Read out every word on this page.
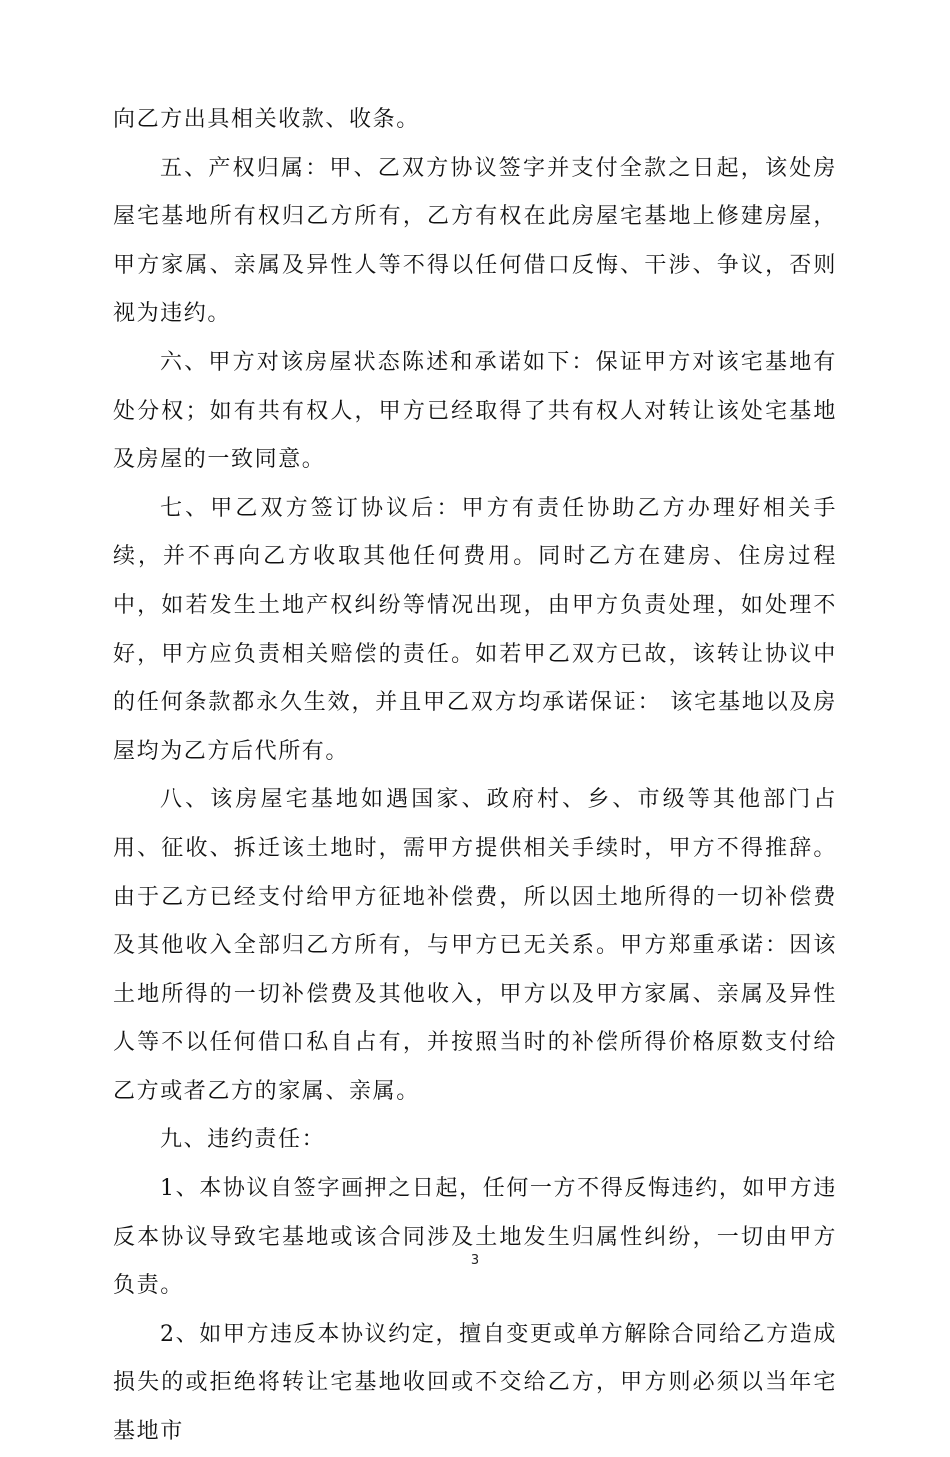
向乙方出具相关收款、收条。

五、产权归属：甲、乙双方协议签字并支付全款之日起，该处房屋宅基地所有权归乙方所有，乙方有权在此房屋宅基地上修建房屋，甲方家属、亲属及异性人等不得以任何借口反悔、干涉、争议，否则视为违约。

六、甲方对该房屋状态陈述和承诺如下：保证甲方对该宅基地有处分权；如有共有权人，甲方已经取得了共有权人对转让该处宅基地及房屋的一致同意。

七、甲乙双方签订协议后：甲方有责任协助乙方办理好相关手续，并不再向乙方收取其他任何费用。同时乙方在建房、住房过程中，如若发生土地产权纠纷等情况出现，由甲方负责处理，如处理不好，甲方应负责相关赔偿的责任。如若甲乙双方已故，该转让协议中的任何条款都永久生效，并且甲乙双方均承诺保证： 该宅基地以及房屋均为乙方后代所有。

八、该房屋宅基地如遇国家、政府村、乡、市级等其他部门占用、征收、拆迁该土地时，需甲方提供相关手续时，甲方不得推辞。由于乙方已经支付给甲方征地补偿费，所以因土地所得的一切补偿费及其他收入全部归乙方所有，与甲方已无关系。甲方郑重承诺：因该土地所得的一切补偿费及其他收入，甲方以及甲方家属、亲属及异性人等不以任何借口私自占有，并按照当时的补偿所得价格原数支付给乙方或者乙方的家属、亲属。

九、违约责任：

1、本协议自签字画押之日起，任何一方不得反悔违约，如甲方违反本协议导致宅基地或该合同涉及土地发生归属性纠纷，一切由甲方负责。

2、如甲方违反本协议约定，擅自变更或单方解除合同给乙方造成损失的或拒绝将转让宅基地收回或不交给乙方，甲方则必须以当年宅基地市

3
